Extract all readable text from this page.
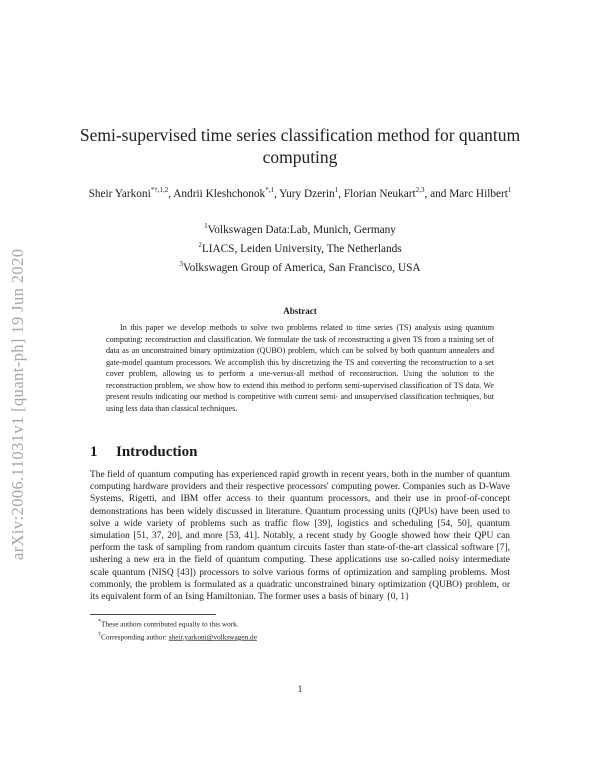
arXiv:2006.11031v1 [quant-ph] 19 Jun 2020
Semi-supervised time series classification method for quantum computing
Sheir Yarkoni$^{*\dagger,1,2}$, Andrii Kleshchonok$^{*,1}$, Yury Dzerin$^1$, Florian Neukart$^{2,3}$, and Marc Hilbert$^1$
$^1$Volkswagen Data:Lab, Munich, Germany
$^2$LIACS, Leiden University, The Netherlands
$^3$Volkswagen Group of America, San Francisco, USA
Abstract
In this paper we develop methods to solve two problems related to time series (TS) analysis using quantum computing: reconstruction and classification. We formulate the task of reconstructing a given TS from a training set of data as an unconstrained binary optimization (QUBO) problem, which can be solved by both quantum annealers and gate-model quantum processors. We accomplish this by discretizing the TS and converting the reconstruction to a set cover problem, allowing us to perform a one-versus-all method of reconstruction. Using the solution to the reconstruction problem, we show how to extend this method to perform semi-supervised classification of TS data. We present results indicating our method is competitive with current semi- and unsupervised classification techniques, but using less data than classical techniques.
1 Introduction
The field of quantum computing has experienced rapid growth in recent years, both in the number of quantum computing hardware providers and their respective processors' computing power. Companies such as D-Wave Systems, Rigetti, and IBM offer access to their quantum processors, and their use in proof-of-concept demonstrations has been widely discussed in literature. Quantum processing units (QPUs) have been used to solve a wide variety of problems such as traffic flow [39], logistics and scheduling [54, 50], quantum simulation [51, 37, 20], and more [53, 41]. Notably, a recent study by Google showed how their QPU can perform the task of sampling from random quantum circuits faster than state-of-the-art classical software [7], ushering a new era in the field of quantum computing. These applications use so-called noisy intermediate scale quantum (NISQ [43]) processors to solve various forms of optimization and sampling problems. Most commonly, the problem is formulated as a quadratic unconstrained binary optimization (QUBO) problem, or its equivalent form of an Ising Hamiltonian. The former uses a basis of binary {0, 1}
*These authors contributed equally to this work.
†Corresponding author: sheir.yarkoni@volkswagen.de
1
